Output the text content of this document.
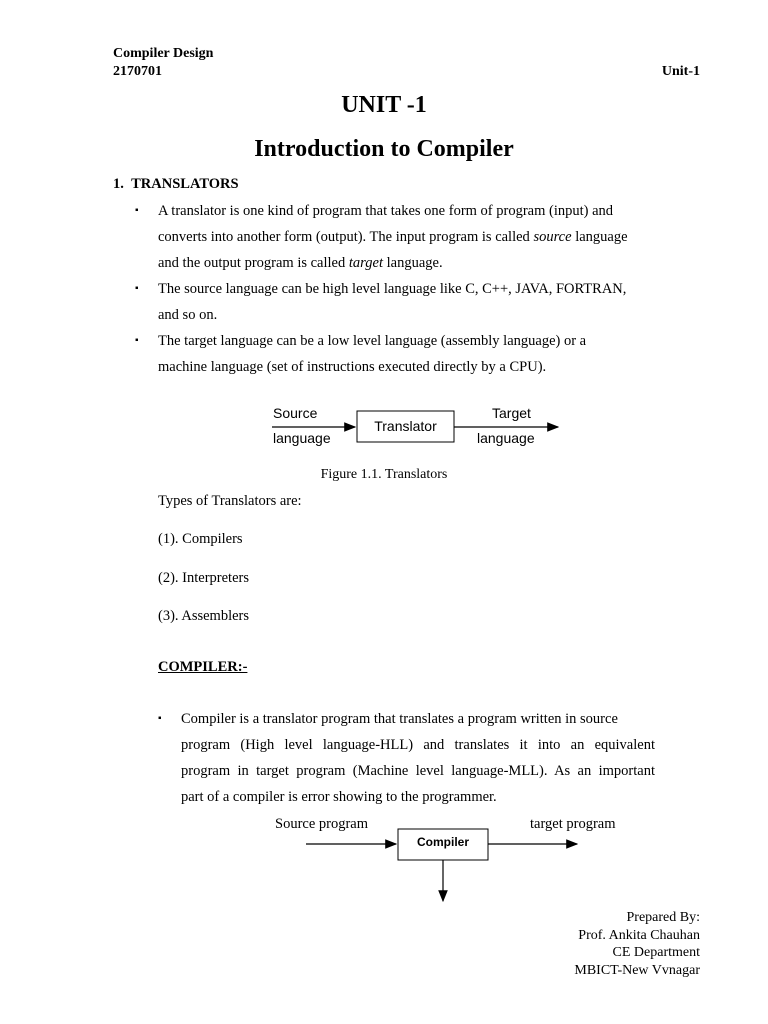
Compiler Design
2170701	Unit-1
UNIT -1
Introduction to Compiler
1. TRANSLATORS
▪ A translator is one kind of program that takes one form of program (input) and
converts into another form (output). The input program is called source language
and the output program is called target language.
▪ The source language can be high level language like C, C++, JAVA, FORTRAN,
and so on.
▪ The target language can be a low level language (assembly language) or a
machine language (set of instructions executed directly by a CPU).
Source
language
Translator
Target
language
Figure 1.1. Translators
Types of Translators are:
(1). Compilers
(2). Interpreters
(3). Assemblers
COMPILER:-
▪ Compiler is a translator program that translates a program written in source
program (High level language-HLL) and translates it into an equivalent
program in target program (Machine level language-MLL). As an important
part of a compiler is error showing to the programmer.
Source program	target program
Compiler
Prepared By:
Prof. Ankita Chauhan
CE Department
MBICT-New Vvnagar
